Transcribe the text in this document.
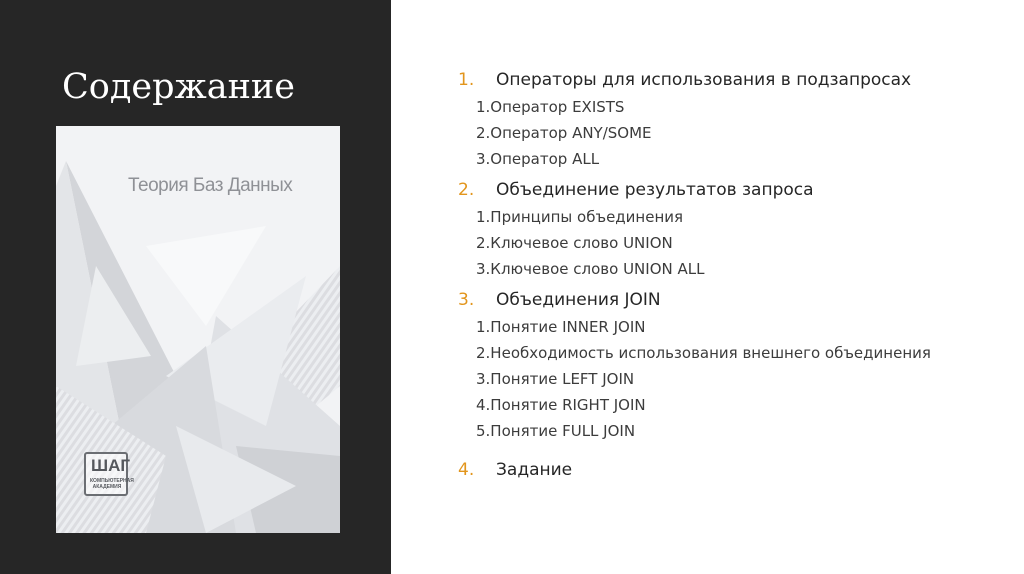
Содержание
Теория Баз Данных
ШАГ
КОМПЬЮТЕРНАЯ АКАДЕМИЯ
1.	Операторы для использования в подзапросах
1.Оператор EXISTS
2.Оператор ANY/SOME
3.Оператор ALL
2.	Объединение результатов запроса
1.Принципы объединения
2.Ключевое слово UNION
3.Ключевое слово UNION ALL
3.	Объединения JOIN
1.Понятие INNER JOIN
2.Необходимость использования внешнего объединения
3.Понятие LEFT JOIN
4.Понятие RIGHT JOIN
5.Понятие FULL JOIN
4.	Задание
